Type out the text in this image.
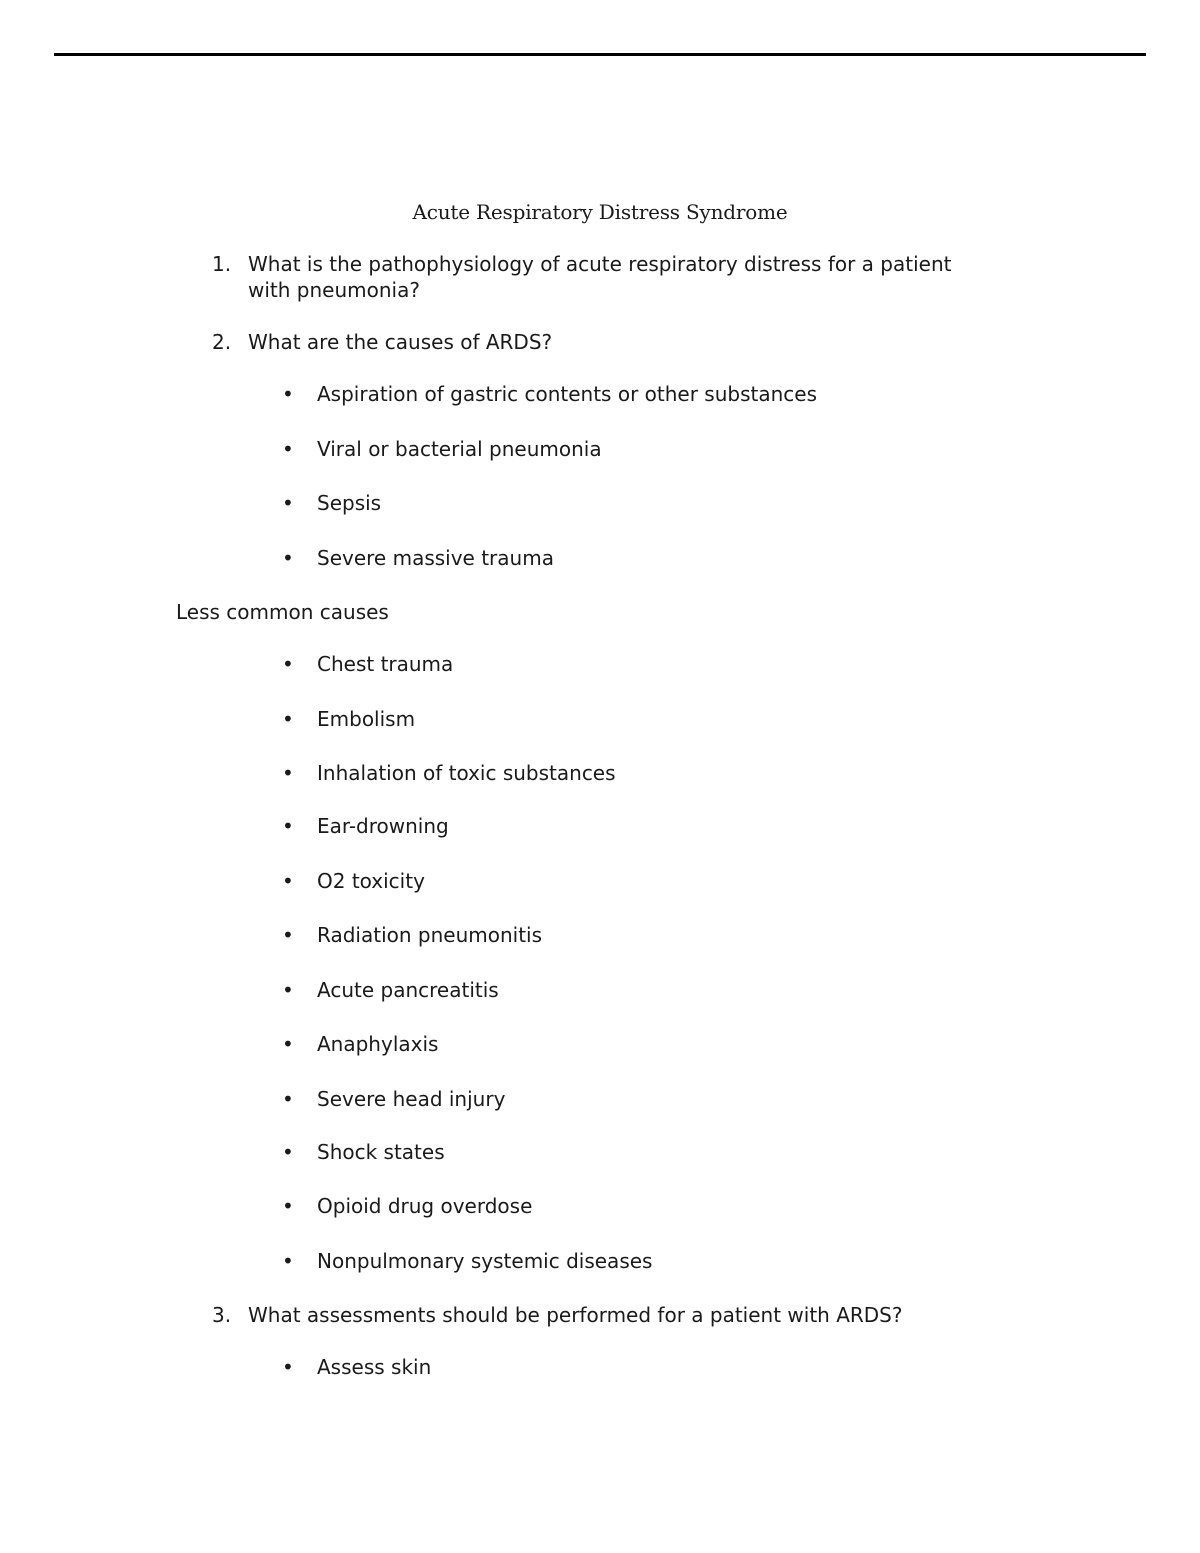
Acute Respiratory Distress Syndrome
1. What is the pathophysiology of acute respiratory distress for a patient
with pneumonia?
2. What are the causes of ARDS?
• Aspiration of gastric contents or other substances
• Viral or bacterial pneumonia
• Sepsis
• Severe massive trauma
Less common causes
• Chest trauma
• Embolism
• Inhalation of toxic substances
• Ear-drowning
• O2 toxicity
• Radiation pneumonitis
• Acute pancreatitis
• Anaphylaxis
• Severe head injury
• Shock states
• Opioid drug overdose
• Nonpulmonary systemic diseases
3. What assessments should be performed for a patient with ARDS?
• Assess skin
